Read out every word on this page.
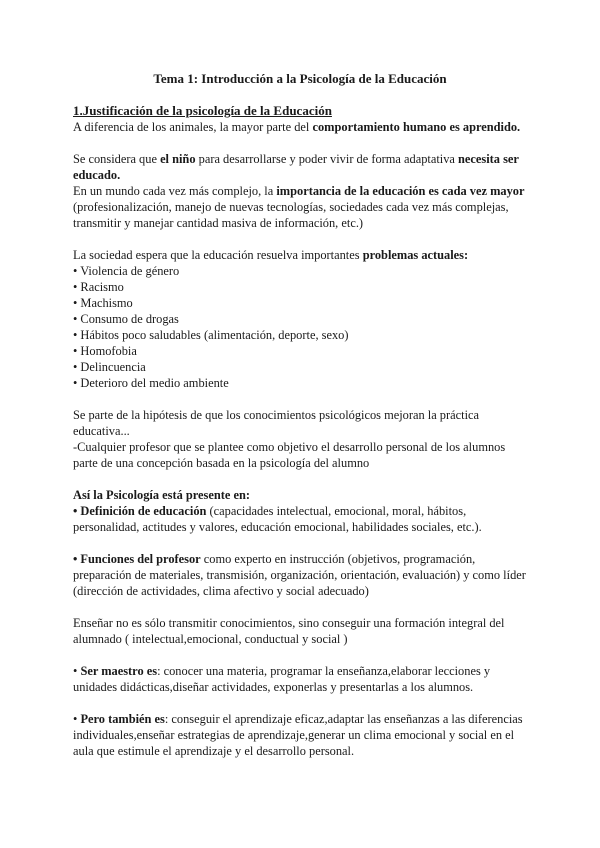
Tema 1: Introducción a la Psicología de la Educación

1.Justificación de la psicología de la Educación

A diferencia de los animales, la mayor parte del comportamiento humano es aprendido.

Se considera que el niño para desarrollarse y poder vivir de forma adaptativa necesita ser educado.

En un mundo cada vez más complejo, la importancia de la educación es cada vez mayor (profesionalización, manejo de nuevas tecnologías, sociedades cada vez más complejas, transmitir y manejar cantidad masiva de información, etc.)

La sociedad espera que la educación resuelva importantes problemas actuales:

• Violencia de género
• Racismo
• Machismo
• Consumo de drogas
• Hábitos poco saludables (alimentación, deporte, sexo)
• Homofobia
• Delincuencia
• Deterioro del medio ambiente

Se parte de la hipótesis de que los conocimientos psicológicos mejoran la práctica educativa...

-Cualquier profesor que se plantee como objetivo el desarrollo personal de los alumnos parte de una concepción basada en la psicología del alumno

Así la Psicología está presente en:

• Definición de educación (capacidades intelectual, emocional, moral, hábitos, personalidad, actitudes y valores, educación emocional, habilidades sociales, etc.).

• Funciones del profesor como experto en instrucción (objetivos, programación, preparación de materiales, transmisión, organización, orientación, evaluación) y como líder (dirección de actividades, clima afectivo y social adecuado)

Enseñar no es sólo transmitir conocimientos, sino conseguir una formación integral del alumnado ( intelectual,emocional, conductual y social )

• Ser maestro es: conocer una materia, programar la enseñanza,elaborar lecciones y unidades didácticas,diseñar actividades, exponerlas y presentarlas a los alumnos.

• Pero también es: conseguir el aprendizaje eficaz,adaptar las enseñanzas a las diferencias individuales,enseñar estrategias de aprendizaje,generar un clima emocional y social en el aula que estimule el aprendizaje y el desarrollo personal.
